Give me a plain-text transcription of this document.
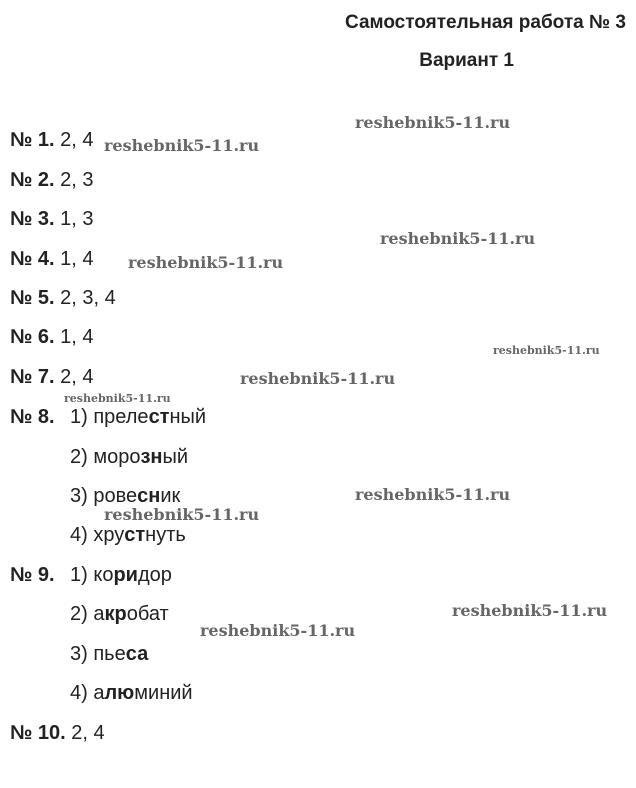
Самостоятельная работа № 3
Вариант 1
№ 1. 2, 4
№ 2. 2, 3
№ 3. 1, 3
№ 4. 1, 4
№ 5. 2, 3, 4
№ 6. 1, 4
№ 7. 2, 4
№ 8. 1) прелестный
2) морозный
3) ровесник
4) хрустнуть
№ 9. 1) коридор
2) акробат
3) пьеса
4) алюминий
№ 10. 2, 4
reshebnik5-11.ru
reshebnik5-11.ru
reshebnik5-11.ru
reshebnik5-11.ru
reshebnik5-11.ru
reshebnik5-11.ru
reshebnik5-11.ru
reshebnik5-11.ru
reshebnik5-11.ru
reshebnik5-11.ru
reshebnik5-11.ru
